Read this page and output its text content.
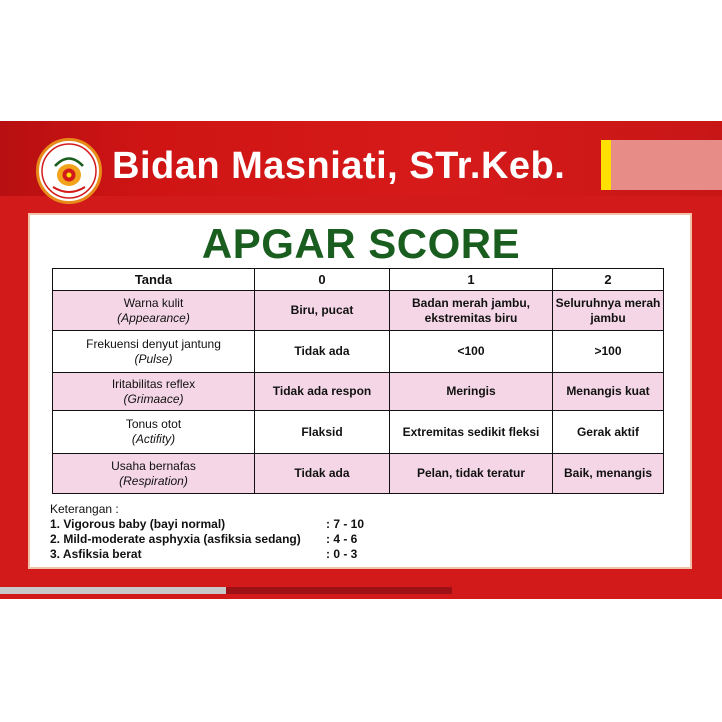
Bidan Masniati, STr.Keb.
APGAR SCORE
Tanda	0	1	2

Warna kulit
(Appearance)	Biru, pucat	Badan merah jambu, ekstremitas biru	Seluruhnya merah jambu

Frekuensi denyut jantung
(Pulse)	Tidak ada	<100	>100

Iritabilitas reflex
(Grimaace)	Tidak ada respon	Meringis	Menangis kuat

Tonus otot
(Actifity)	Flaksid	Extremitas sedikit fleksi	Gerak aktif

Usaha bernafas
(Respiration)	Tidak ada	Pelan, tidak teratur	Baik, menangis
Keterangan :
1. Vigorous baby (bayi normal)	: 7 - 10
2. Mild-moderate asphyxia (asfiksia sedang) : 4 - 6
3. Asfiksia berat	: 0 - 3
